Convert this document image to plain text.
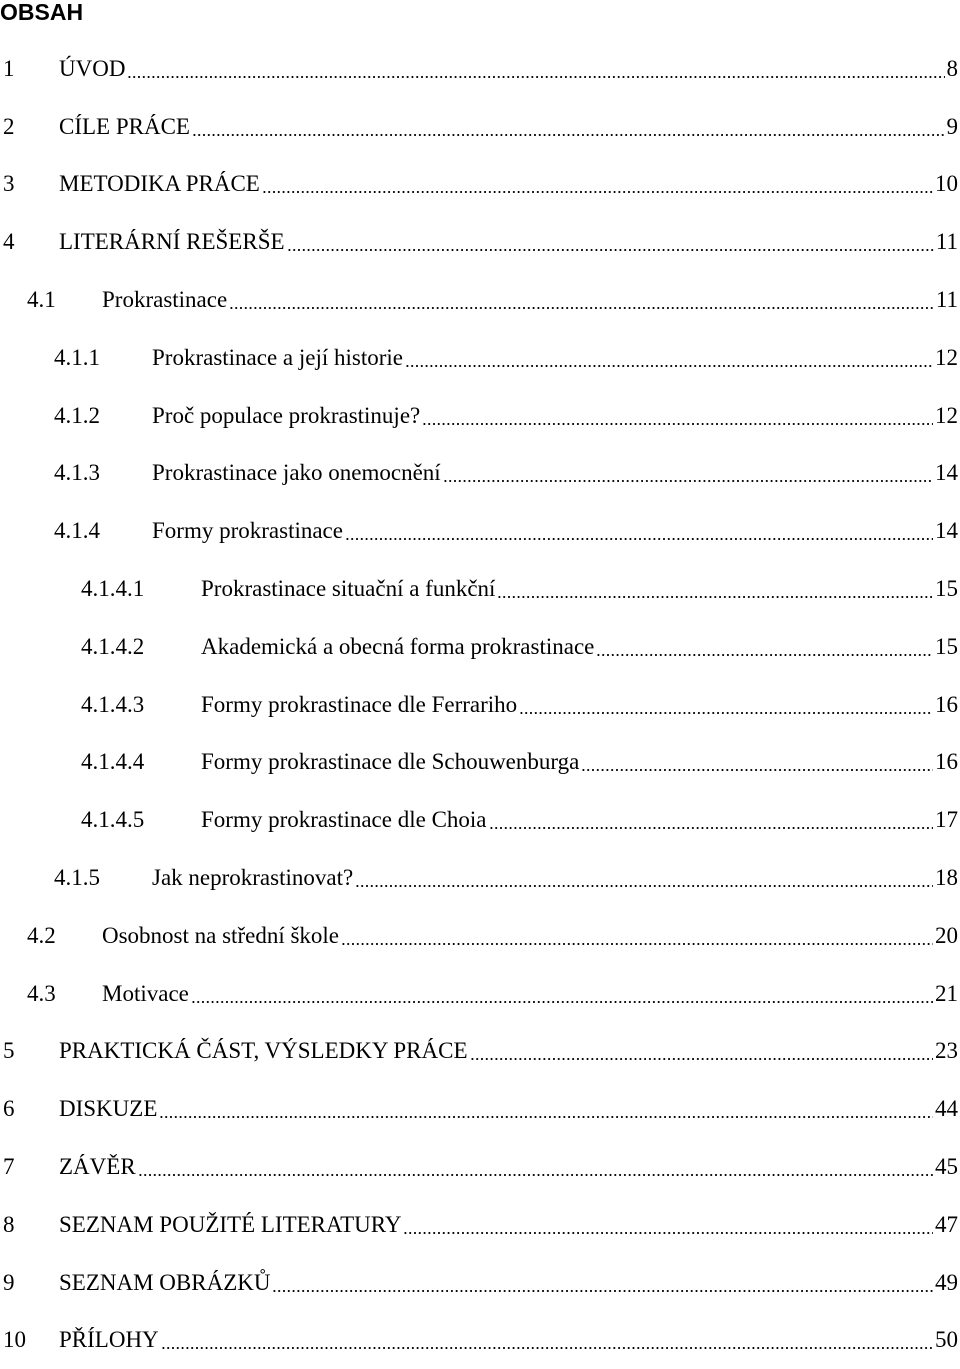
OBSAH
1	ÚVOD	8
2	CÍLE PRÁCE	9
3	METODIKA PRÁCE	10
4	LITERÁRNÍ REŠERŠE	11
4.1	Prokrastinace	11
4.1.1	Prokrastinace a její historie	12
4.1.2	Proč populace prokrastinuje?	12
4.1.3	Prokrastinace jako onemocnění	14
4.1.4	Formy prokrastinace	14
4.1.4.1	Prokrastinace situační a funkční	15
4.1.4.2	Akademická a obecná forma prokrastinace	15
4.1.4.3	Formy prokrastinace dle Ferrariho	16
4.1.4.4	Formy prokrastinace dle Schouwenburga	16
4.1.4.5	Formy prokrastinace dle Choia	17
4.1.5	Jak neprokrastinovat?	18
4.2	Osobnost na střední škole	20
4.3	Motivace	21
5	PRAKTICKÁ ČÁST, VÝSLEDKY PRÁCE	23
6	DISKUZE	44
7	ZÁVĚR	45
8	SEZNAM POUŽITÉ LITERATURY	47
9	SEZNAM OBRÁZKŮ	49
10	PŘÍLOHY	50
